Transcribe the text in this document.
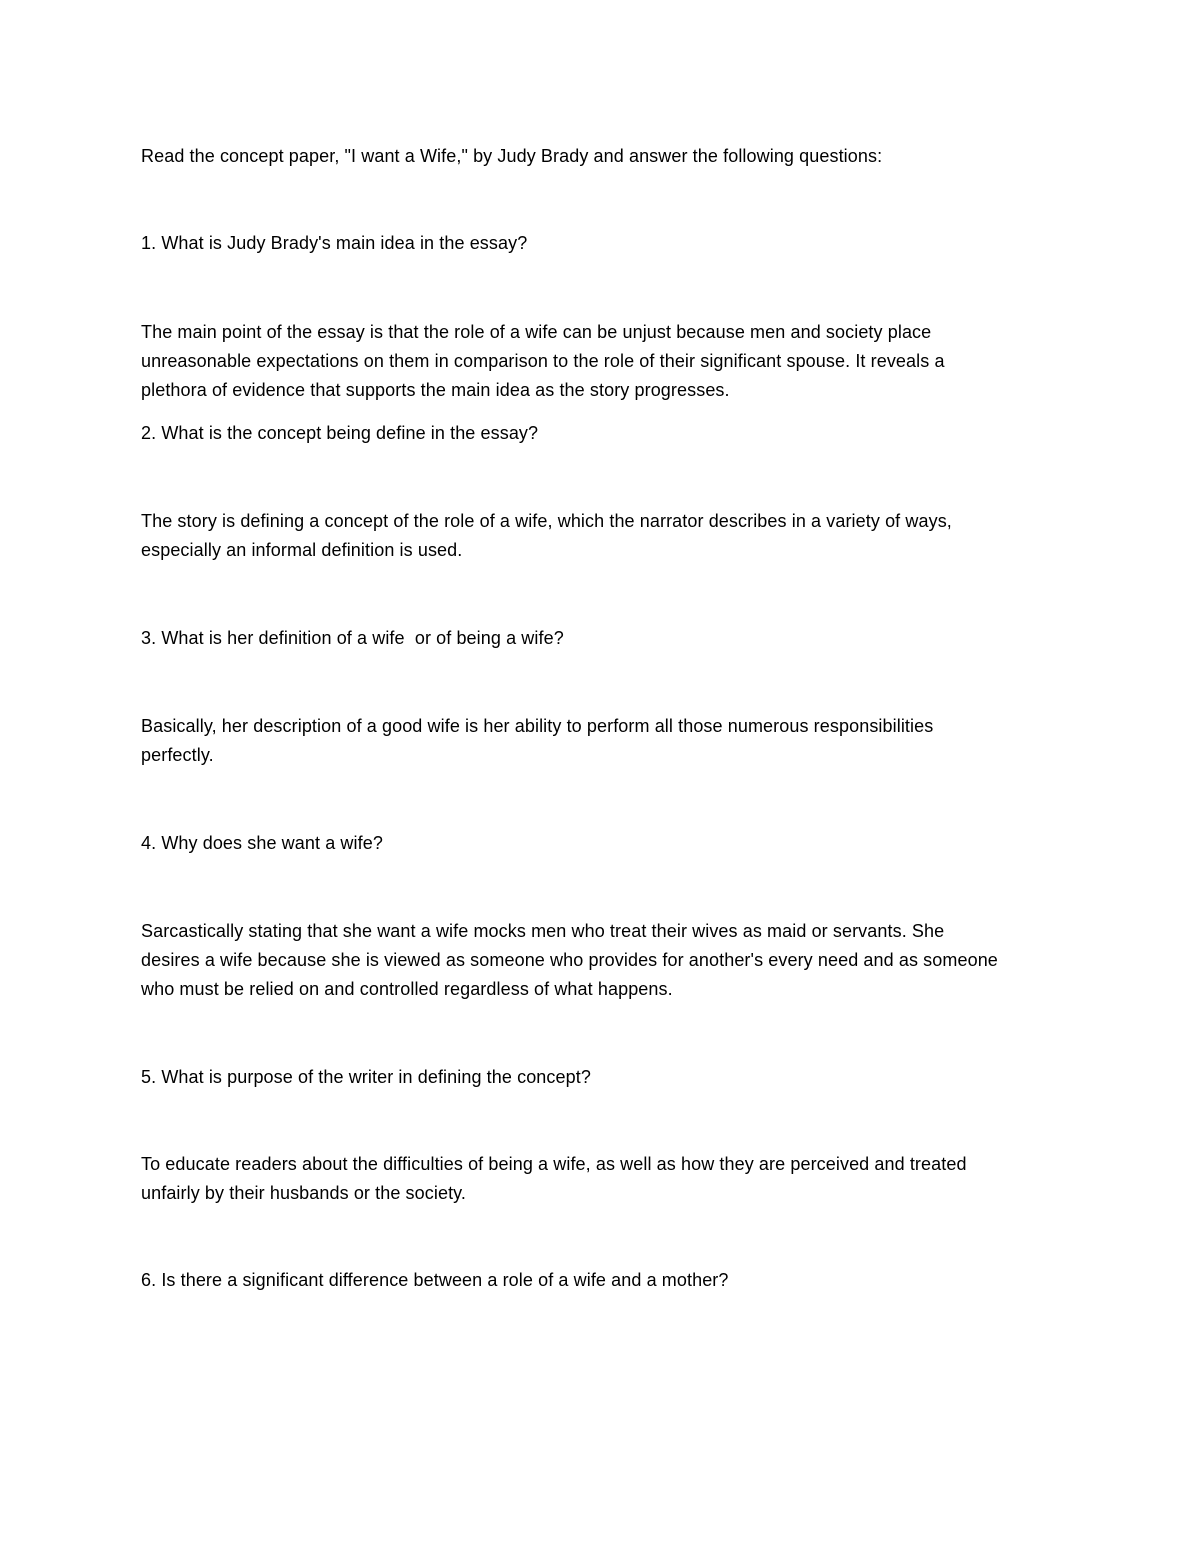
Read the concept paper, "I want a Wife," by Judy Brady and answer the following questions:
1. What is Judy Brady's main idea in the essay?
The main point of the essay is that the role of a wife can be unjust because men and society place
unreasonable expectations on them in comparison to the role of their significant spouse. It reveals a
plethora of evidence that supports the main idea as the story progresses.
2. What is the concept being define in the essay?
The story is defining a concept of the role of a wife, which the narrator describes in a variety of ways,
especially an informal definition is used.
3. What is her definition of a wife  or of being a wife?
Basically, her description of a good wife is her ability to perform all those numerous responsibilities
perfectly.
4. Why does she want a wife?
Sarcastically stating that she want a wife mocks men who treat their wives as maid or servants. She
desires a wife because she is viewed as someone who provides for another's every need and as someone
who must be relied on and controlled regardless of what happens.
5. What is purpose of the writer in defining the concept?
To educate readers about the difficulties of being a wife, as well as how they are perceived and treated
unfairly by their husbands or the society.
6. Is there a significant difference between a role of a wife and a mother?
